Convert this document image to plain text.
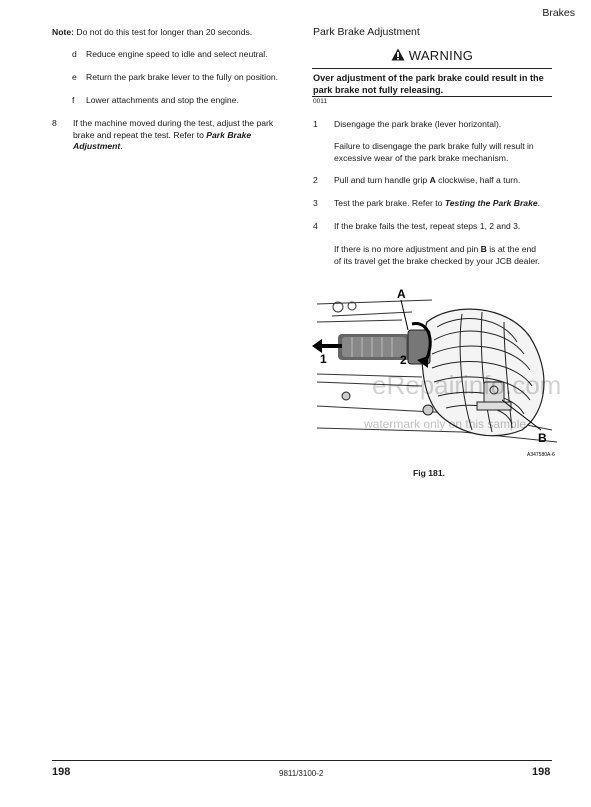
Brakes
Note: Do not do this test for longer than 20 seconds.
d Reduce engine speed to idle and select neutral.
e Return the park brake lever to the fully on position.
f Lower attachments and stop the engine.
8 If the machine moved during the test, adjust the park
brake and repeat the test. Refer to Park Brake
Adjustment.
Park Brake Adjustment
WARNING
Over adjustment of the park brake could result in the
park brake not fully releasing.
0011
1 Disengage the park brake (lever horizontal).
Failure to disengage the park brake fully will result in
excessive wear of the park brake mechanism.
2 Pull and turn handle grip A clockwise, half a turn.
3 Test the park brake. Refer to Testing the Park Brake.
4 If the brake fails the test, repeat steps 1, 2 and 3.
If there is no more adjustment and pin B is at the end
of its travel get the brake checked by your JCB dealer.
A
B
1	2
eRepairinfo.com
watermark only on this sample
A347580A-6
Fig 181.
198	9811/3100-2	198
